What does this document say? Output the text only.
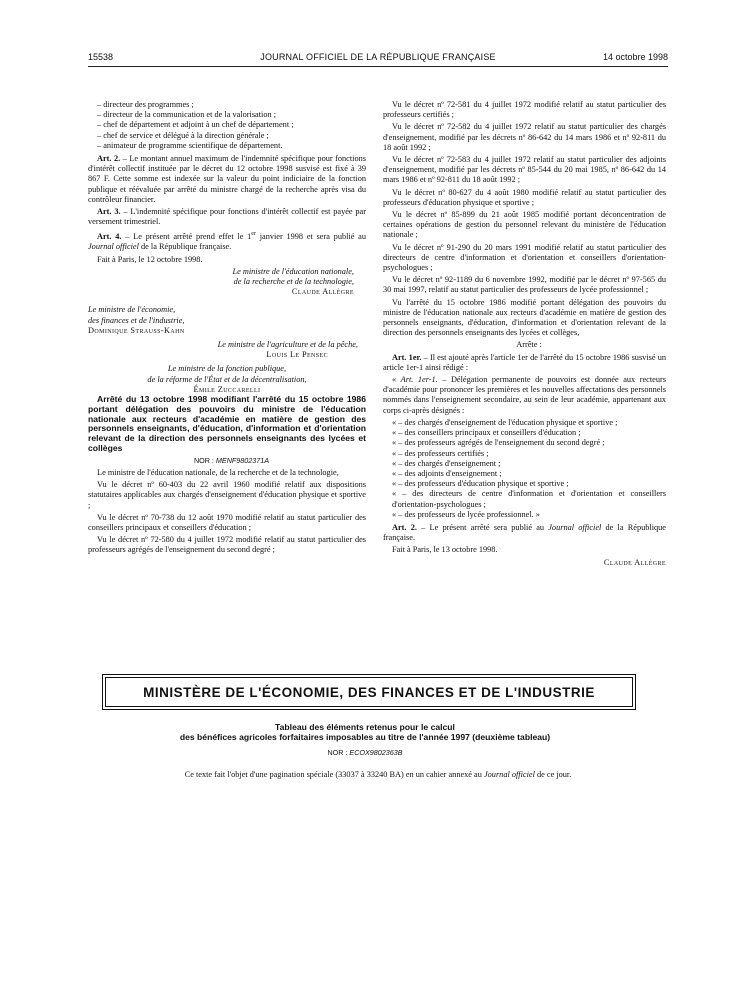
15538	JOURNAL OFFICIEL DE LA RÉPUBLIQUE FRANÇAISE	14 octobre 1998

– directeur des programmes ;

– directeur de la communication et de la valorisation ;

– chef de département et adjoint à un chef de département ;

– chef de service et délégué à la direction générale ;

– animateur de programme scientifique de département.

Art. 2. – Le montant annuel maximum de l'indemnité spécifique pour fonctions d'intérêt collectif instituée par le décret du 12 octobre 1998 susvisé est fixé à 39 867 F. Cette somme est indexée sur la valeur du point indiciaire de la fonction publique et réévaluée par arrêté du ministre chargé de la recherche après visa du contrôleur financier.

Art. 3. – L'indemnité spécifique pour fonctions d'intérêt collectif est payée par versement trimestriel.

Art. 4. – Le présent arrêté prend effet le 1er janvier 1998 et sera publié au Journal officiel de la République française.

Fait à Paris, le 12 octobre 1998.

Le ministre de l'éducation nationale,
de la recherche et de la technologie,
Claude Allègre
Le ministre de l'économie,
des finances et de l'industrie,
Dominique Strauss-Kahn
Le ministre de l'agriculture et de la pêche,
Louis Le Pensec
Le ministre de la fonction publique,
de la réforme de l'État et de la décentralisation,
Émile Zuccarelli

Arrêté du 13 octobre 1998 modifiant l'arrêté du 15 octobre 1986 portant délégation des pouvoirs du ministre de l'éducation nationale aux recteurs d'académie en matière de gestion des personnels enseignants, d'éducation, d'information et d'orientation relevant de la direction des personnels enseignants des lycées et collèges

NOR : MENF9802371A

Le ministre de l'éducation nationale, de la recherche et de la technologie,

Vu le décret nº 60-403 du 22 avril 1960 modifié relatif aux dispositions statutaires applicables aux chargés d'enseignement d'éducation physique et sportive ;

Vu le décret nº 70-738 du 12 août 1970 modifié relatif au statut particulier des conseillers principaux et conseillers d'éducation ;

Vu le décret nº 72-580 du 4 juillet 1972 modifié relatif au statut particulier des professeurs agrégés de l'enseignement du second degré ;

Vu le décret nº 72-581 du 4 juillet 1972 modifié relatif au statut particulier des professeurs certifiés ;

Vu le décret nº 72-582 du 4 juillet 1972 relatif au statut particulier des chargés d'enseignement, modifié par les décrets nº 86-642 du 14 mars 1986 et nº 92-811 du 18 août 1992 ;

Vu le décret nº 72-583 du 4 juillet 1972 relatif au statut particulier des adjoints d'enseignement, modifié par les décrets nº 85-544 du 20 mai 1985, nº 86-642 du 14 mars 1986 et nº 92-811 du 18 août 1992 ;

Vu le décret nº 80-627 du 4 août 1980 modifié relatif au statut particulier des professeurs d'éducation physique et sportive ;

Vu le décret nº 85-899 du 21 août 1985 modifié portant déconcentration de certaines opérations de gestion du personnel relevant du ministère de l'éducation nationale ;

Vu le décret nº 91-290 du 20 mars 1991 modifié relatif au statut particulier des directeurs de centre d'information et d'orientation et conseillers d'orientation-psychologues ;

Vu le décret nº 92-1189 du 6 novembre 1992, modifié par le décret nº 97-565 du 30 mai 1997, relatif au statut particulier des professeurs de lycée professionnel ;

Vu l'arrêté du 15 octobre 1986 modifié portant délégation des pouvoirs du ministre de l'éducation nationale aux recteurs d'académie en matière de gestion des personnels enseignants, d'éducation, d'information et d'orientation relevant de la direction des personnels enseignants des lycées et collèges,

Arrête :

Art. 1er. – Il est ajouté après l'article 1er de l'arrêté du 15 octobre 1986 susvisé un article 1er-1 ainsi rédigé :

« Art. 1er-1. – Délégation permanente de pouvoirs est donnée aux recteurs d'académie pour prononcer les premières et les nouvelles affectations des personnels nommés dans l'enseignement secondaire, au sein de leur académie, appartenant aux corps ci-après désignés :

« – des chargés d'enseignement de l'éducation physique et sportive ;

« – des conseillers principaux et conseillers d'éducation ;

« – des professeurs agrégés de l'enseignement du second degré ;

« – des professeurs certifiés ;

« – des chargés d'enseignement ;

« – des adjoints d'enseignement ;

« – des professeurs d'éducation physique et sportive ;

« – des directeurs de centre d'information et d'orientation et conseillers d'orientation-psychologues ;

« – des professeurs de lycée professionnel. »

Art. 2. – Le présent arrêté sera publié au Journal officiel de la République française.

Fait à Paris, le 13 octobre 1998.

Claude Allègre
MINISTÈRE DE L'ÉCONOMIE, DES FINANCES ET DE L'INDUSTRIE
Tableau des éléments retenus pour le calcul
des bénéfices agricoles forfaitaires imposables au titre de l'année 1997 (deuxième tableau)
NOR : ECOX9802363B
Ce texte fait l'objet d'une pagination spéciale (33037 à 33240 BA) en un cahier annexé au Journal officiel de ce jour.
